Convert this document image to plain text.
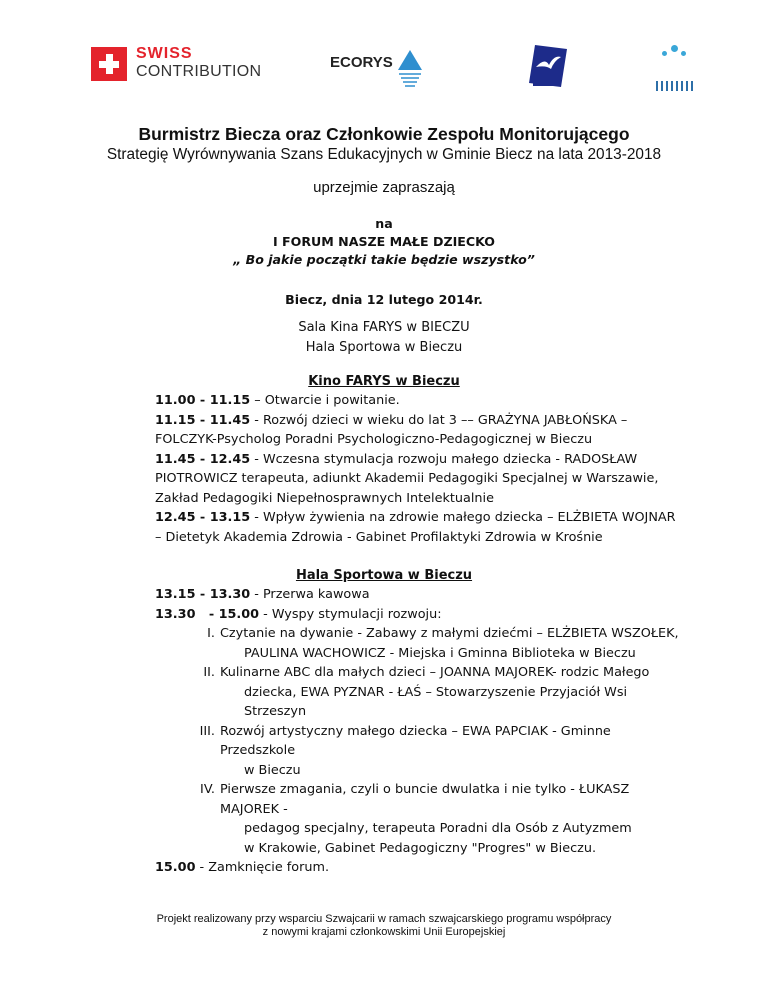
SWISS
CONTRIBUTION
ECORYS
Burmistrz Biecza oraz Członkowie Zespołu Monitorującego
Strategię Wyrównywania Szans Edukacyjnych w Gminie Biecz na lata 2013-2018
uprzejmie zapraszają
na
I FORUM NASZE MAŁE DZIECKO
„ Bo jakie początki takie będzie wszystko”
Biecz, dnia 12 lutego 2014r.
Sala Kina FARYS w BIECZU
Hala Sportowa w Bieczu
Kino FARYS w Bieczu
11.00 - 11.15 – Otwarcie i powitanie.
11.15 - 11.45 - Rozwój dzieci w wieku do lat 3 –– GRAŻYNA JABŁOŃSKA – FOLCZYK-Psycholog Poradni Psychologiczno-Pedagogicznej w Bieczu
11.45 - 12.45 - Wczesna stymulacja rozwoju małego dziecka - RADOSŁAW PIOTROWICZ terapeuta, adiunkt Akademii Pedagogiki Specjalnej w Warszawie, Zakład Pedagogiki Niepełnosprawnych Intelektualnie
12.45 - 13.15 - Wpływ żywienia na zdrowie małego dziecka – ELŻBIETA WOJNAR – Dietetyk Akademia Zdrowia - Gabinet Profilaktyki Zdrowia w Krośnie
Hala Sportowa w Bieczu
13.15 - 13.30 - Przerwa kawowa
13.30   - 15.00 - Wyspy stymulacji rozwoju:
I. Czytanie na dywanie - Zabawy z małymi dziećmi – ELŻBIETA WSZOŁEK,
PAULINA WACHOWICZ - Miejska i Gminna Biblioteka w Bieczu
II. Kulinarne ABC dla małych dzieci – JOANNA MAJOREK- rodzic Małego
dziecka, EWA PYZNAR - ŁAŚ – Stowarzyszenie Przyjaciół Wsi Strzeszyn
III. Rozwój artystyczny małego dziecka – EWA PAPCIAK - Gminne Przedszkole
w Bieczu
IV. Pierwsze zmagania, czyli o buncie dwulatka i nie tylko - ŁUKASZ MAJOREK -
pedagog specjalny, terapeuta Poradni dla Osób z Autyzmem
w Krakowie, Gabinet Pedagogiczny "Progres" w Bieczu.
15.00 - Zamknięcie forum.
Projekt realizowany przy wsparciu Szwajcarii w ramach szwajcarskiego programu współpracy
z nowymi krajami członkowskimi Unii Europejskiej
